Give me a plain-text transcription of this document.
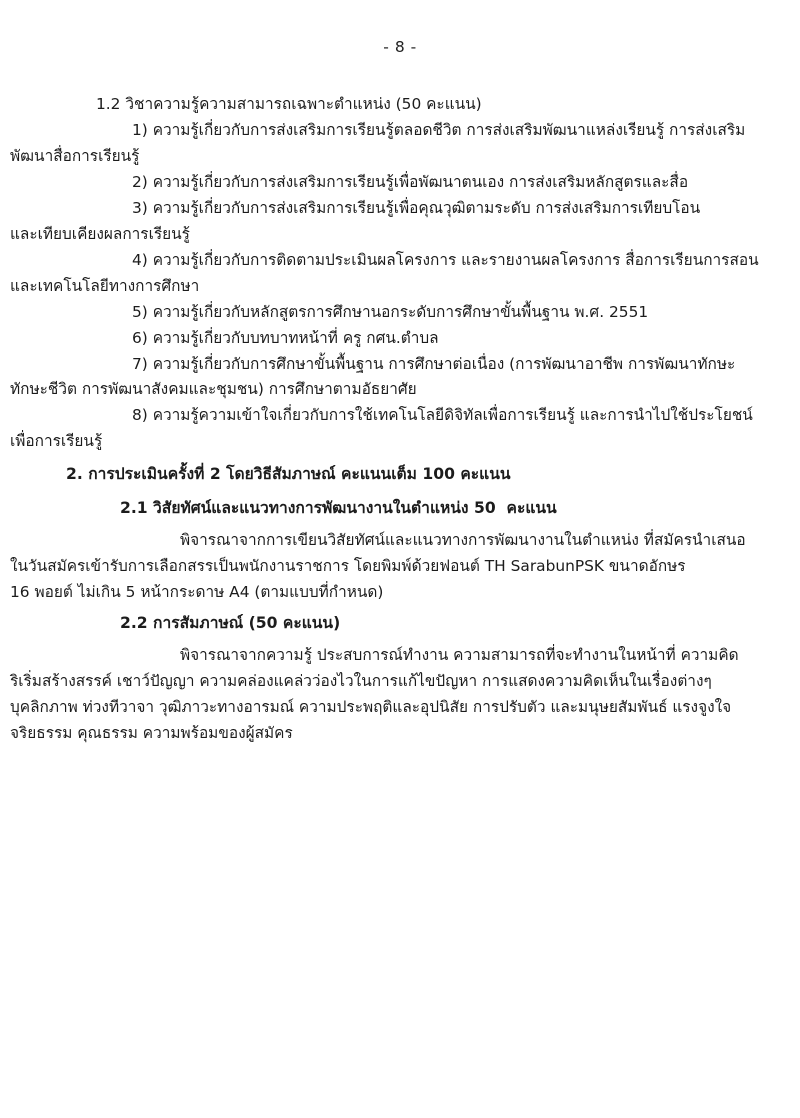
- 8 -

1.2 วิชาความรู้ความสามารถเฉพาะตำแหน่ง (50 คะแนน)

1) ความรู้เกี่ยวกับการส่งเสริมการเรียนรู้ตลอดชีวิต การส่งเสริมพัฒนาแหล่งเรียนรู้ การส่งเสริม

พัฒนาสื่อการเรียนรู้

2) ความรู้เกี่ยวกับการส่งเสริมการเรียนรู้เพื่อพัฒนาตนเอง การส่งเสริมหลักสูตรและสื่อ

3) ความรู้เกี่ยวกับการส่งเสริมการเรียนรู้เพื่อคุณวุฒิตามระดับ การส่งเสริมการเทียบโอน

และเทียบเคียงผลการเรียนรู้

4) ความรู้เกี่ยวกับการติดตามประเมินผลโครงการ และรายงานผลโครงการ สื่อการเรียนการสอน

และเทคโนโลยีทางการศึกษา

5) ความรู้เกี่ยวกับหลักสูตรการศึกษานอกระดับการศึกษาขั้นพื้นฐาน พ.ศ. 2551

6) ความรู้เกี่ยวกับบทบาทหน้าที่ ครู กศน.ตำบล

7) ความรู้เกี่ยวกับการศึกษาขั้นพื้นฐาน การศึกษาต่อเนื่อง (การพัฒนาอาชีพ การพัฒนาทักษะ

ทักษะชีวิต การพัฒนาสังคมและชุมชน) การศึกษาตามอัธยาศัย

8) ความรู้ความเข้าใจเกี่ยวกับการใช้เทคโนโลยีดิจิทัลเพื่อการเรียนรู้ และการนำไปใช้ประโยชน์

เพื่อการเรียนรู้

2. การประเมินครั้งที่ 2 โดยวิธีสัมภาษณ์ คะแนนเต็ม 100 คะแนน

2.1 วิสัยทัศน์และแนวทางการพัฒนางานในตำแหน่ง 50  คะแนน

พิจารณาจากการเขียนวิสัยทัศน์และแนวทางการพัฒนางานในตำแหน่ง ที่สมัครนำเสนอ

ในวันสมัครเข้ารับการเลือกสรรเป็นพนักงานราชการ โดยพิมพ์ด้วยฟอนต์ TH SarabunPSK ขนาดอักษร

16 พอยต์ ไม่เกิน 5 หน้ากระดาษ A4 (ตามแบบที่กำหนด)

2.2 การสัมภาษณ์ (50 คะแนน)

พิจารณาจากความรู้ ประสบการณ์ทำงาน ความสามารถที่จะทำงานในหน้าที่ ความคิด

ริเริ่มสร้างสรรค์ เชาว์ปัญญา ความคล่องแคล่วว่องไวในการแก้ไขปัญหา การแสดงความคิดเห็นในเรื่องต่างๆ

บุคลิกภาพ ท่วงทีวาจา วุฒิภาวะทางอารมณ์ ความประพฤติและอุปนิสัย การปรับตัว และมนุษยสัมพันธ์ แรงจูงใจ

จริยธรรม คุณธรรม ความพร้อมของผู้สมัคร
